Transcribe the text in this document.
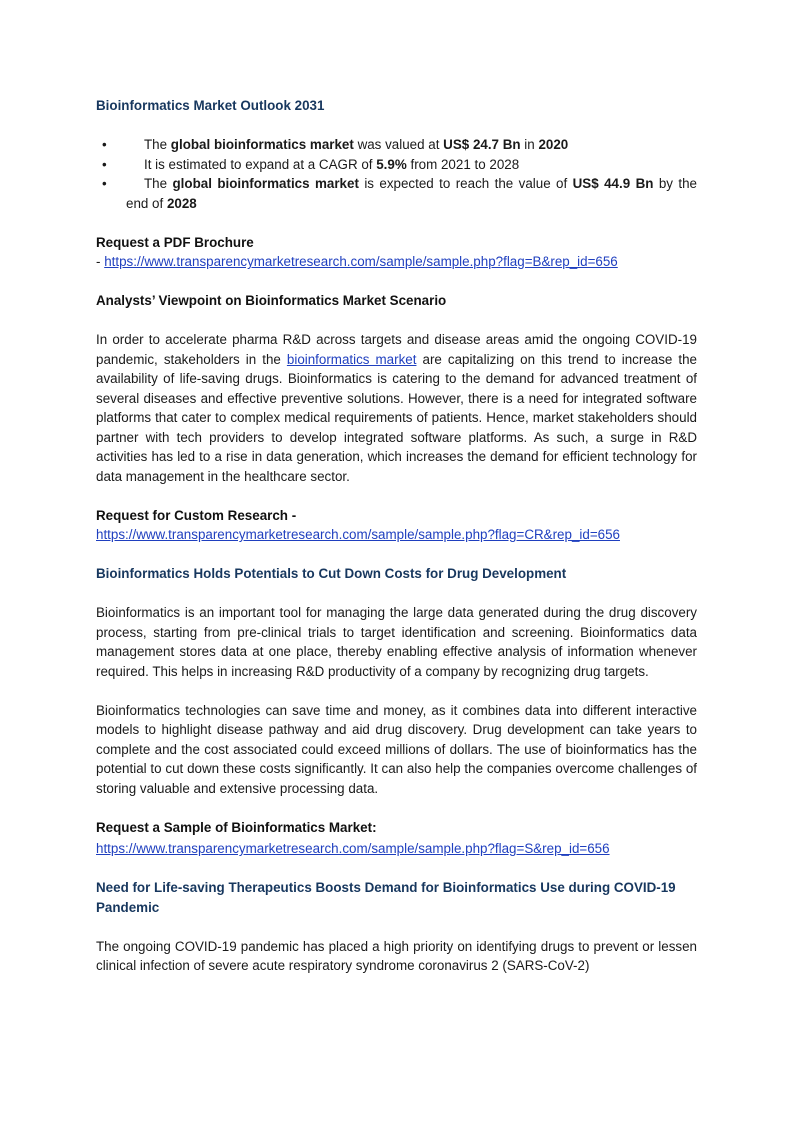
Bioinformatics Market Outlook 2031
•	The global bioinformatics market was valued at US$ 24.7 Bn in 2020
•	It is estimated to expand at a CAGR of 5.9% from 2021 to 2028
•	The global bioinformatics market is expected to reach the value of US$ 44.9 Bn by the end of 2028
Request a PDF Brochure

- https://www.transparencymarketresearch.com/sample/sample.php?flag=B&rep_id=656

Analysts’ Viewpoint on Bioinformatics Market Scenario

In order to accelerate pharma R&D across targets and disease areas amid the ongoing COVID-19 pandemic, stakeholders in the bioinformatics market are capitalizing on this trend to increase the availability of life-saving drugs. Bioinformatics is catering to the demand for advanced treatment of several diseases and effective preventive solutions. However, there is a need for integrated software platforms that cater to complex medical requirements of patients. Hence, market stakeholders should partner with tech providers to develop integrated software platforms. As such, a surge in R&D activities has led to a rise in data generation, which increases the demand for efficient technology for data management in the healthcare sector.

Request for Custom Research -

https://www.transparencymarketresearch.com/sample/sample.php?flag=CR&rep_id=656

Bioinformatics Holds Potentials to Cut Down Costs for Drug Development

Bioinformatics is an important tool for managing the large data generated during the drug discovery process, starting from pre-clinical trials to target identification and screening. Bioinformatics data management stores data at one place, thereby enabling effective analysis of information whenever required. This helps in increasing R&D productivity of a company by recognizing drug targets.

Bioinformatics technologies can save time and money, as it combines data into different interactive models to highlight disease pathway and aid drug discovery. Drug development can take years to complete and the cost associated could exceed millions of dollars. The use of bioinformatics has the potential to cut down these costs significantly. It can also help the companies overcome challenges of storing valuable and extensive processing data.

Request a Sample of Bioinformatics Market:

https://www.transparencymarketresearch.com/sample/sample.php?flag=S&rep_id=656

Need for Life-saving Therapeutics Boosts Demand for Bioinformatics Use during COVID-19 Pandemic

The ongoing COVID-19 pandemic has placed a high priority on identifying drugs to prevent or lessen clinical infection of severe acute respiratory syndrome coronavirus 2 (SARS-CoV-2)
